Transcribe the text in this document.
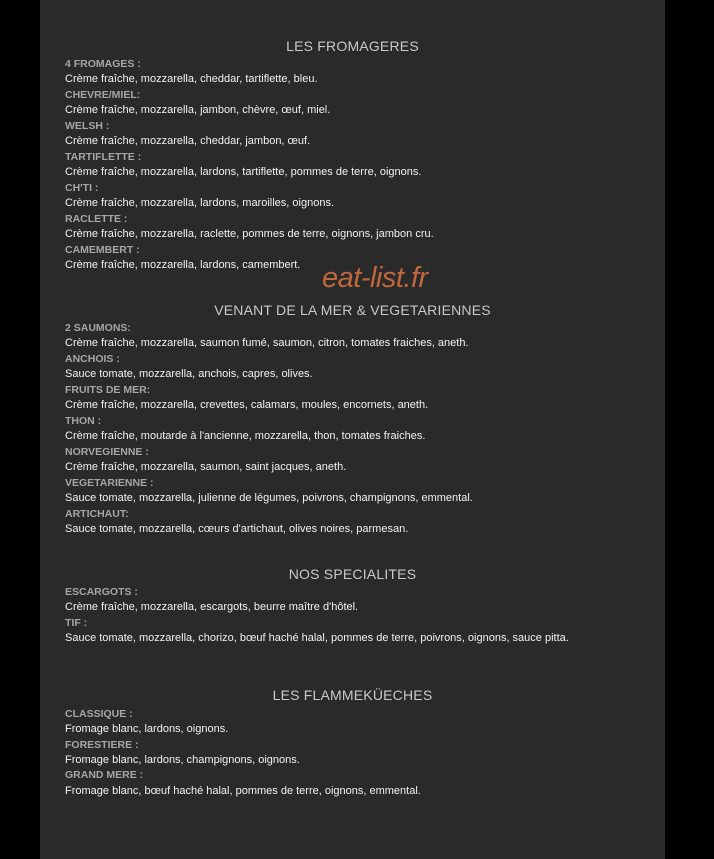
LES FROMAGERES
4 FROMAGES :
Crème fraîche, mozzarella, cheddar, tartiflette, bleu.
CHEVRE/MIEL:
Crème fraîche, mozzarella, jambon, chèvre, œuf, miel.
WELSH :
Crème fraîche, mozzarella, cheddar, jambon, œuf.
TARTIFLETTE :
Crème fraîche, mozzarella, lardons, tartiflette, pommes de terre, oignons.
CH'TI :
Crème fraîche, mozzarella, lardons, maroilles, oignons.
RACLETTE :
Crème fraîche, mozzarella, raclette, pommes de terre, oignons, jambon cru.
CAMEMBERT :
Crème fraîche, mozzarella, lardons, camembert.
VENANT DE LA MER & VEGETARIENNES
2 SAUMONS:
Crème fraîche, mozzarella, saumon fumé, saumon, citron, tomates fraiches, aneth.
ANCHOIS :
Sauce tomate, mozzarella, anchois, capres, olives.
FRUITS DE MER:
Crème fraîche, mozzarella, crevettes, calamars, moules, encornets, aneth.
THON :
Crème fraîche, moutarde à l'ancienne, mozzarella, thon, tomates fraiches.
NORVEGIENNE :
Crème fraîche, mozzarella, saumon, saint jacques, aneth.
VEGETARIENNE :
Sauce tomate, mozzarella, julienne de légumes, poivrons, champignons, emmental.
ARTICHAUT:
Sauce tomate, mozzarella, cœurs d'artichaut, olives noires, parmesan.
NOS SPECIALITES
ESCARGOTS :
Crème fraîche, mozzarella, escargots, beurre maître d'hôtel.
TIF :
Sauce tomate, mozzarella, chorizo, bœuf haché halal, pommes de terre, poivrons, oignons, sauce pitta.
LES FLAMMEKÜECHES
CLASSIQUE :
Fromage blanc, lardons, oignons.
FORESTIERE :
Fromage blanc, lardons, champignons, oignons.
GRAND MERE :
Fromage blanc, bœuf haché halal, pommes de terre, oignons, emmental.
eat-list.fr
